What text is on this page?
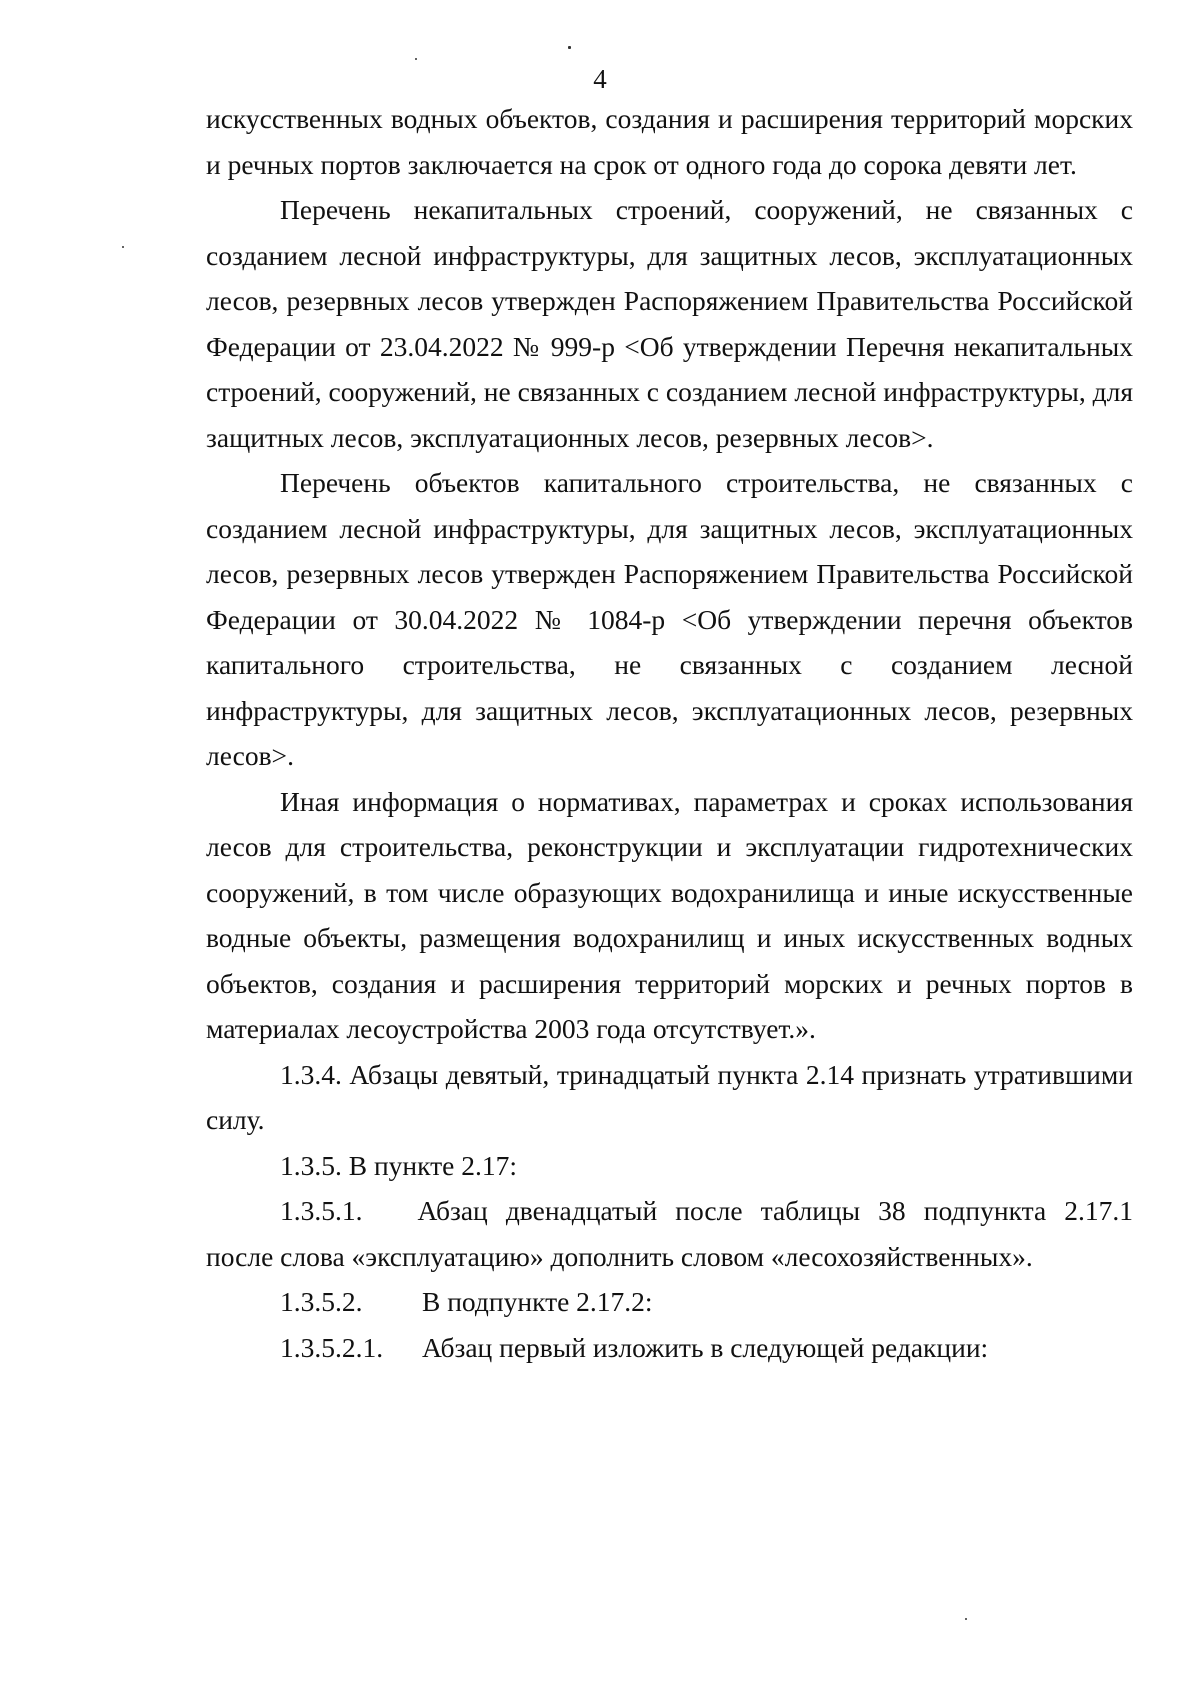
4

искусственных водных объектов, создания и расширения территорий морских и речных портов заключается на срок от одного года до сорока девяти лет.

Перечень некапитальных строений, сооружений, не связанных с созданием лесной инфраструктуры, для защитных лесов, эксплуатационных лесов, резервных лесов утвержден Распоряжением Правительства Российской Федерации от 23.04.2022 № 999-р <Об утверждении Перечня некапитальных строений, сооружений, не связанных с созданием лесной инфраструктуры, для защитных лесов, эксплуатационных лесов, резервных лесов>.

Перечень объектов капитального строительства, не связанных с созданием лесной инфраструктуры, для защитных лесов, эксплуатационных лесов, резервных лесов утвержден Распоряжением Правительства Российской Федерации от 30.04.2022 № 1084-р <Об утверждении перечня объектов капитального строительства, не связанных с созданием лесной инфраструктуры, для защитных лесов, эксплуатационных лесов, резервных лесов>.

Иная информация о нормативах, параметрах и сроках использования лесов для строительства, реконструкции и эксплуатации гидротехнических сооружений, в том числе образующих водохранилища и иные искусственные водные объекты, размещения водохранилищ и иных искусственных водных объектов, создания и расширения территорий морских и речных портов в материалах лесоустройства 2003 года отсутствует.».

1.3.4. Абзацы девятый, тринадцатый пункта 2.14 признать утратившими силу.

1.3.5. В пункте 2.17:

1.3.5.1.  Абзац двенадцатый после таблицы 38 подпункта 2.17.1 после слова «эксплуатацию» дополнить словом «лесохозяйственных».

1.3.5.2.	В подпункте 2.17.2:
1.3.5.2.1.	Абзац первый изложить в следующей редакции:
